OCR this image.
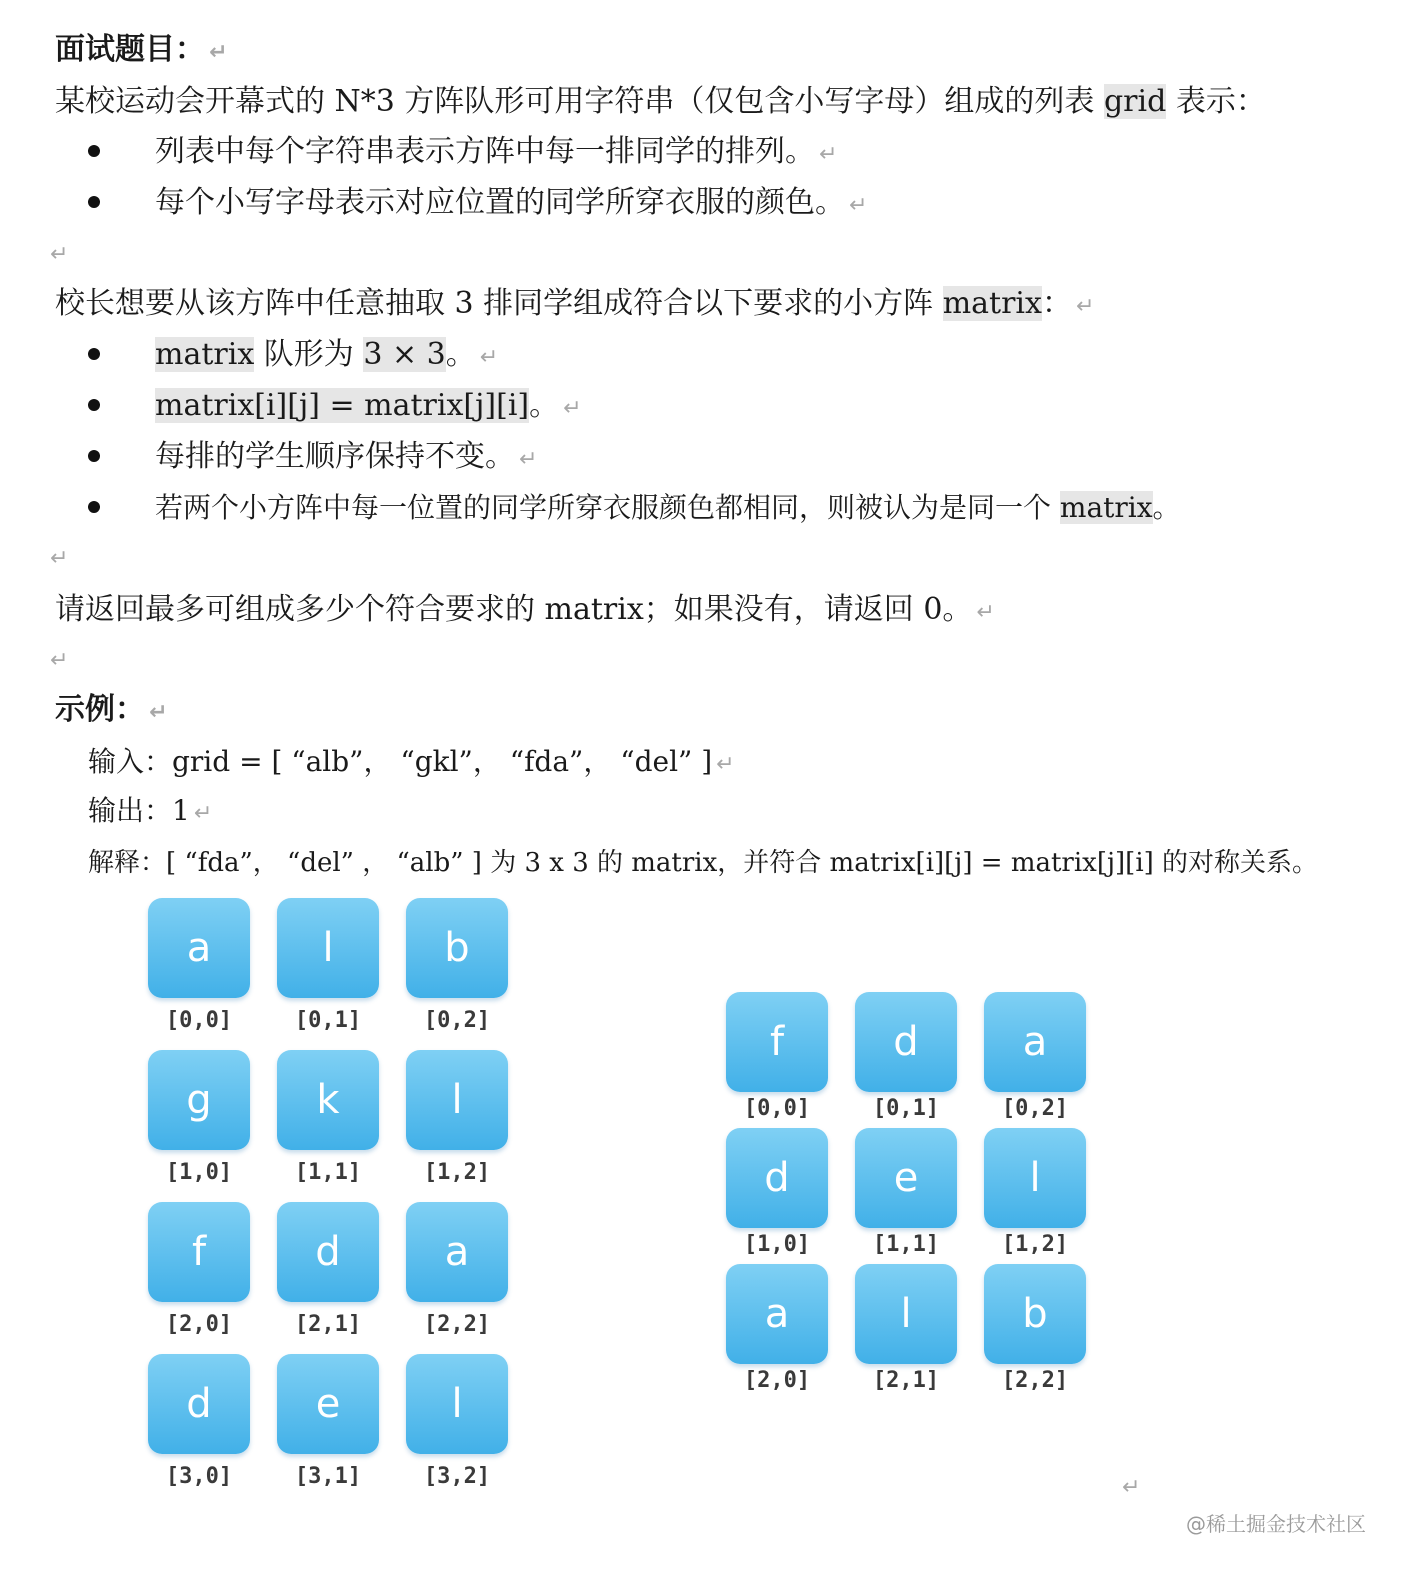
面试题目： ↵
某校运动会开幕式的 N*3 方阵队形可用字符串（仅包含小写字母）组成的列表 grid 表示：
列表中每个字符串表示方阵中每一排同学的排列。 ↵
每个小写字母表示对应位置的同学所穿衣服的颜色。 ↵
↵
校长想要从该方阵中任意抽取 3 排同学组成符合以下要求的小方阵 matrix： ↵
matrix 队形为 3 × 3。 ↵
matrix[i][j] = matrix[j][i]。 ↵
每排的学生顺序保持不变。 ↵
若两个小方阵中每一位置的同学所穿衣服颜色都相同，则被认为是同一个 matrix。
↵
请返回最多可组成多少个符合要求的 matrix；如果没有，请返回 0。 ↵
↵
示例： ↵
输入：grid = [ “alb”， “gkl”， “fda”， “del” ] ↵
输出：1 ↵
解释：[ “fda”， “del” ， “alb” ] 为 3 x 3 的 matrix，并符合 matrix[i][j] = matrix[j][i] 的对称关系。
↵
@稀土掘金技术社区
a
[0,0]
l
[0,1]
b
[0,2]
g
[1,0]
k
[1,1]
l
[1,2]
f
[2,0]
d
[2,1]
a
[2,2]
d
[3,0]
e
[3,1]
l
[3,2]
f
[0,0]
d
[0,1]
a
[0,2]
d
[1,0]
e
[1,1]
l
[1,2]
a
[2,0]
l
[2,1]
b
[2,2]
